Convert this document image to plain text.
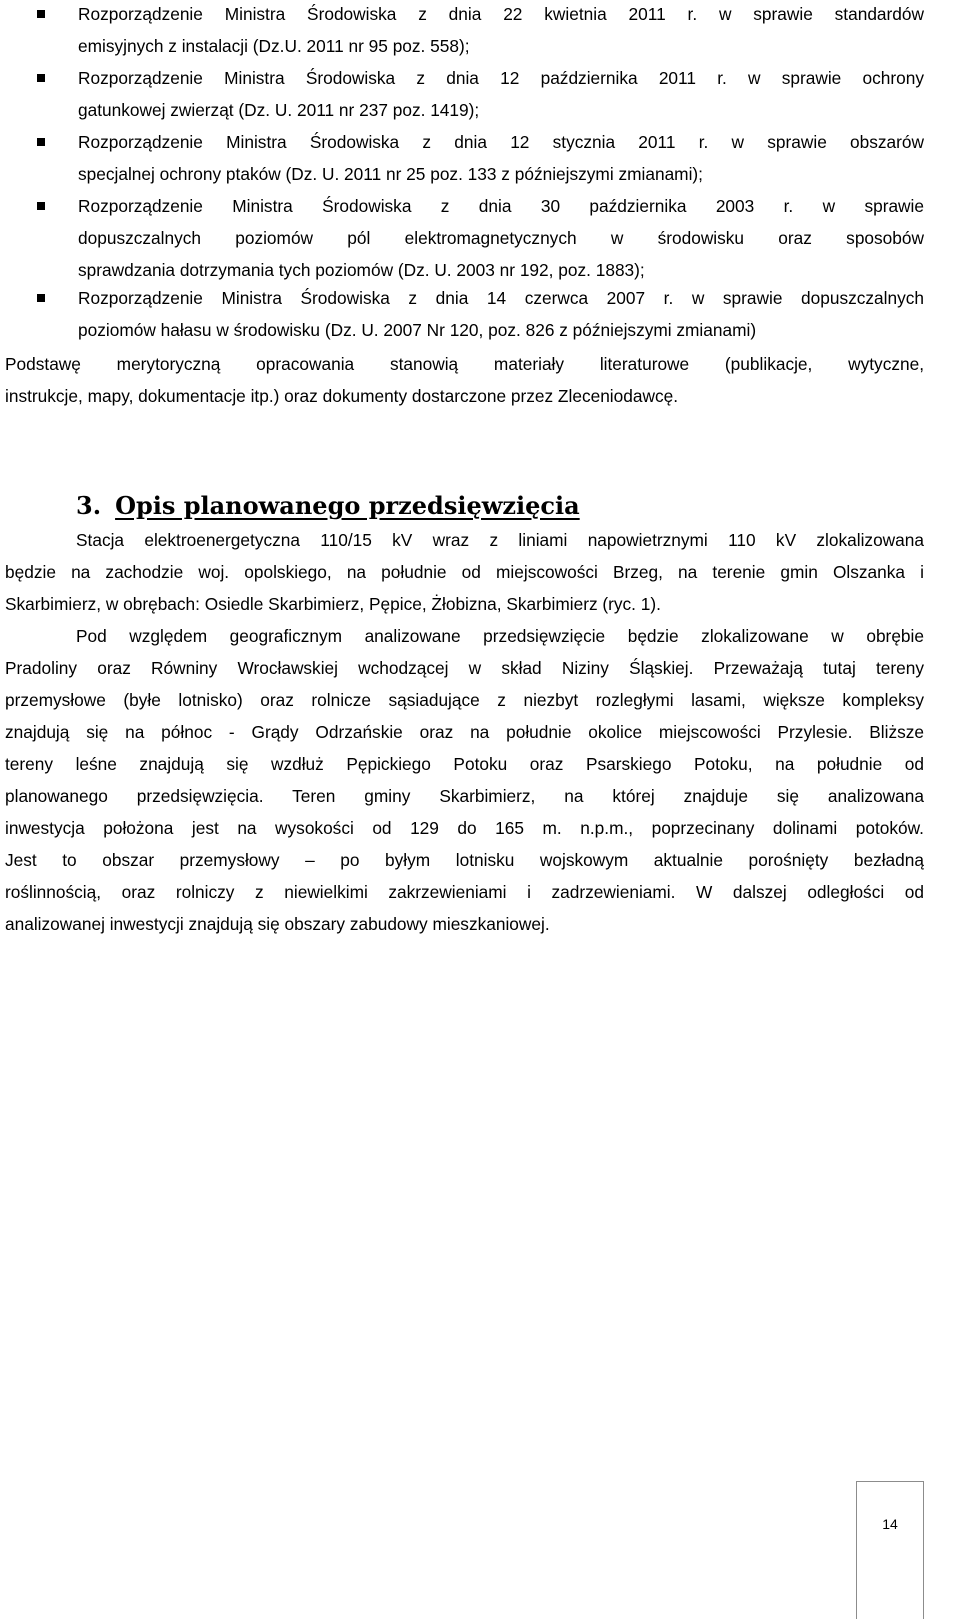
Rozporządzenie Ministra Środowiska z dnia 22 kwietnia 2011 r. w sprawie standardów
emisyjnych z instalacji (Dz.U. 2011 nr 95 poz. 558);
Rozporządzenie Ministra Środowiska z dnia 12 października 2011 r. w sprawie ochrony
gatunkowej zwierząt (Dz. U. 2011 nr 237 poz. 1419);
Rozporządzenie Ministra Środowiska z dnia 12 stycznia 2011 r. w sprawie obszarów
specjalnej ochrony ptaków (Dz. U. 2011 nr 25 poz. 133 z późniejszymi zmianami);
Rozporządzenie Ministra Środowiska z dnia 30 października 2003 r. w sprawie
dopuszczalnych poziomów pól elektromagnetycznych w środowisku oraz sposobów
sprawdzania dotrzymania tych poziomów (Dz. U. 2003 nr 192, poz. 1883);
Rozporządzenie Ministra Środowiska z dnia 14 czerwca 2007 r. w sprawie dopuszczalnych
poziomów hałasu w środowisku (Dz. U. 2007 Nr 120, poz. 826 z późniejszymi zmianami)
Podstawę merytoryczną opracowania stanowią materiały literaturowe (publikacje, wytyczne,
instrukcje, mapy, dokumentacje itp.) oraz dokumenty dostarczone przez Zleceniodawcę.
3. Opis planowanego przedsięwzięcia
Stacja elektroenergetyczna 110/15 kV wraz z liniami napowietrznymi 110 kV zlokalizowana
będzie na zachodzie woj. opolskiego, na południe od miejscowości Brzeg, na terenie gmin Olszanka i
Skarbimierz, w obrębach: Osiedle Skarbimierz, Pępice, Żłobizna, Skarbimierz (ryc. 1).
Pod względem geograficznym analizowane przedsięwzięcie będzie zlokalizowane w obrębie
Pradoliny oraz Równiny Wrocławskiej wchodzącej w skład Niziny Śląskiej. Przeważają tutaj tereny
przemysłowe (byłe lotnisko) oraz rolnicze sąsiadujące z niezbyt rozległymi lasami, większe kompleksy
znajdują się na północ - Grądy Odrzańskie oraz na południe okolice miejscowości Przylesie. Bliższe
tereny leśne znajdują się wzdłuż Pępickiego Potoku oraz Psarskiego Potoku, na południe od
planowanego przedsięwzięcia. Teren gminy Skarbimierz, na której znajduje się analizowana
inwestycja położona jest na wysokości od 129 do 165 m. n.p.m., poprzecinany dolinami potoków.
Jest to obszar przemysłowy – po byłym lotnisku wojskowym aktualnie porośnięty bezładną
roślinnością, oraz rolniczy z niewielkimi zakrzewieniami i zadrzewieniami. W dalszej odległości od
analizowanej inwestycji znajdują się obszary zabudowy mieszkaniowej.
14
